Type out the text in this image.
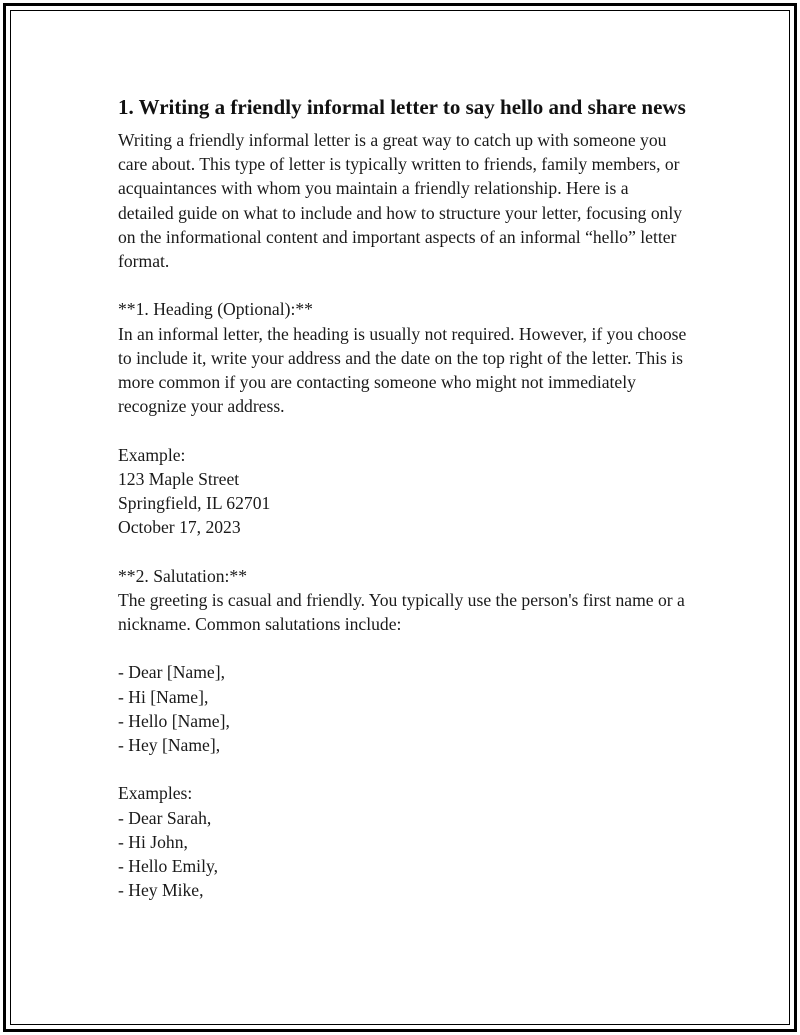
1. Writing a friendly informal letter to say hello and share news

Writing a friendly informal letter is a great way to catch up with someone you care about. This type of letter is typically written to friends, family members, or acquaintances with whom you maintain a friendly relationship. Here is a detailed guide on what to include and how to structure your letter, focusing only on the informational content and important aspects of an informal “hello” letter format.

**1. Heading (Optional):**
In an informal letter, the heading is usually not required. However, if you choose to include it, write your address and the date on the top right of the letter. This is more common if you are contacting someone who might not immediately recognize your address.

Example:
123 Maple Street
Springfield, IL 62701
October 17, 2023

**2. Salutation:**
The greeting is casual and friendly. You typically use the person's first name or a nickname. Common salutations include:

- Dear [Name],
- Hi [Name],
- Hello [Name],
- Hey [Name],

Examples:
- Dear Sarah,
- Hi John,
- Hello Emily,
- Hey Mike,
